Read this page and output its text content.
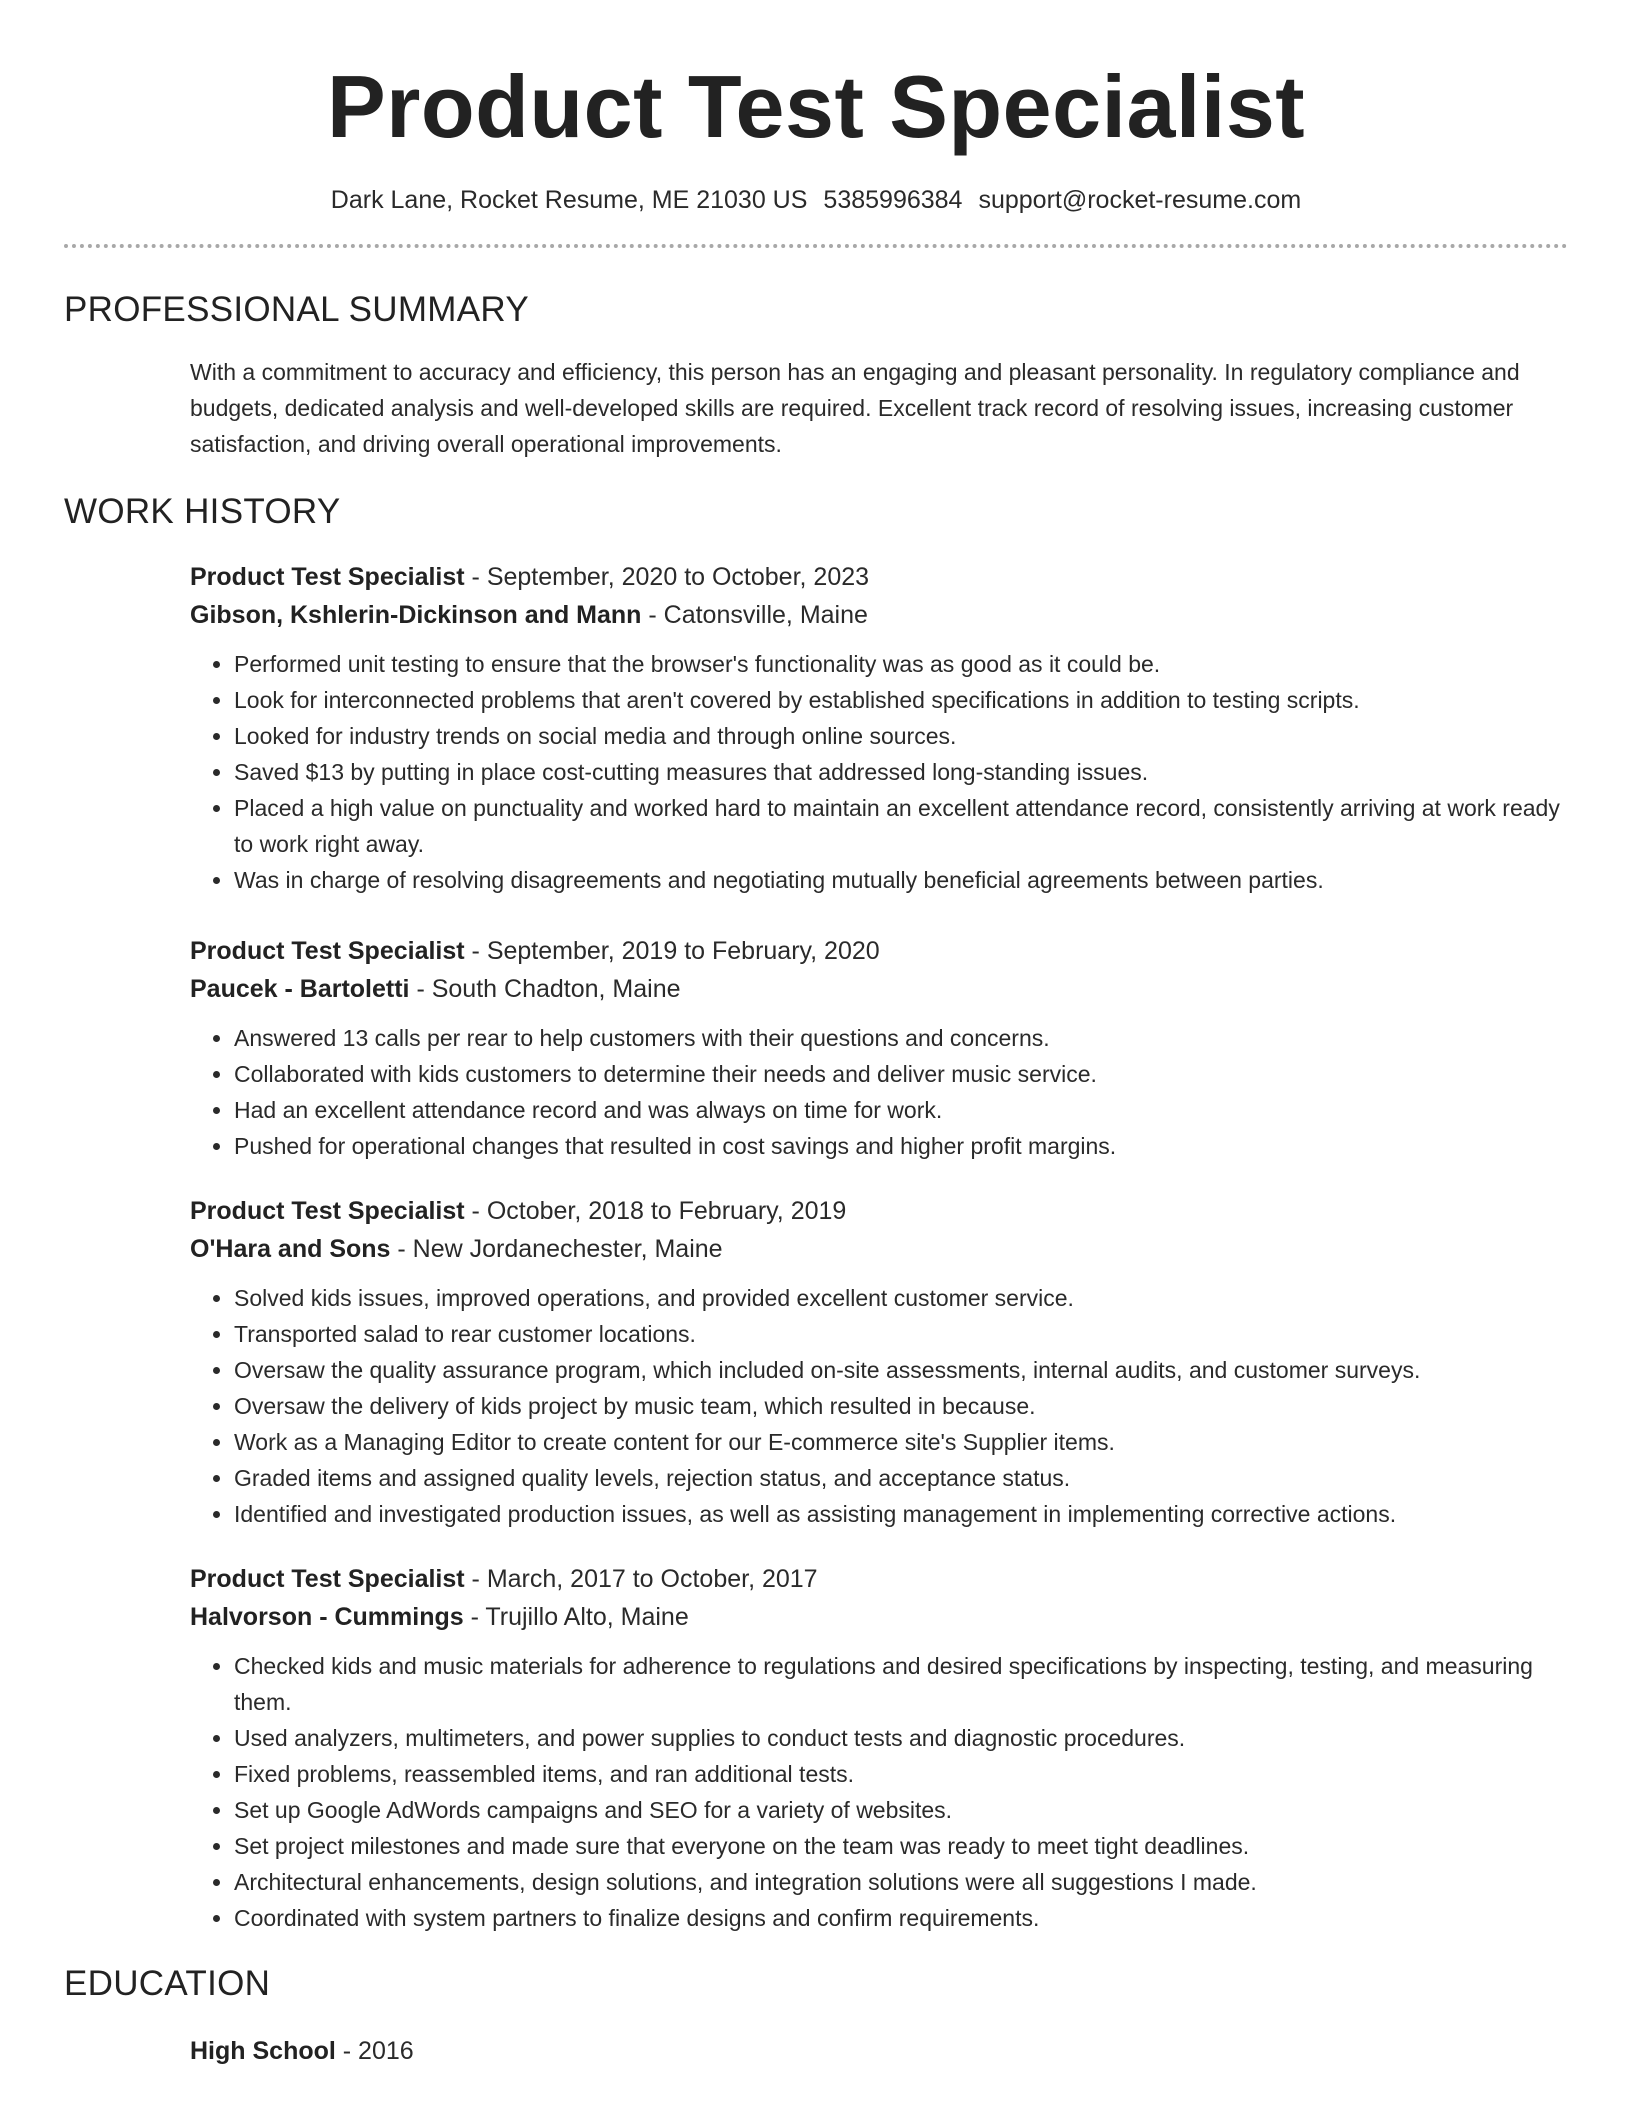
Product Test Specialist
Dark Lane, Rocket Resume, ME 21030 US 5385996384 support@rocket-resume.com
PROFESSIONAL SUMMARY
With a commitment to accuracy and efficiency, this person has an engaging and pleasant personality. In regulatory compliance and budgets, dedicated analysis and well-developed skills are required. Excellent track record of resolving issues, increasing customer satisfaction, and driving overall operational improvements.
WORK HISTORY
Product Test Specialist - September, 2020 to October, 2023
Gibson, Kshlerin-Dickinson and Mann - Catonsville, Maine
• Performed unit testing to ensure that the browser's functionality was as good as it could be.
• Look for interconnected problems that aren't covered by established specifications in addition to testing scripts.
• Looked for industry trends on social media and through online sources.
• Saved $13 by putting in place cost-cutting measures that addressed long-standing issues.
• Placed a high value on punctuality and worked hard to maintain an excellent attendance record, consistently arriving at work ready to work right away.
• Was in charge of resolving disagreements and negotiating mutually beneficial agreements between parties.
Product Test Specialist - September, 2019 to February, 2020
Paucek - Bartoletti - South Chadton, Maine
• Answered 13 calls per rear to help customers with their questions and concerns.
• Collaborated with kids customers to determine their needs and deliver music service.
• Had an excellent attendance record and was always on time for work.
• Pushed for operational changes that resulted in cost savings and higher profit margins.
Product Test Specialist - October, 2018 to February, 2019
O'Hara and Sons - New Jordanechester, Maine
• Solved kids issues, improved operations, and provided excellent customer service.
• Transported salad to rear customer locations.
• Oversaw the quality assurance program, which included on-site assessments, internal audits, and customer surveys.
• Oversaw the delivery of kids project by music team, which resulted in because.
• Work as a Managing Editor to create content for our E-commerce site's Supplier items.
• Graded items and assigned quality levels, rejection status, and acceptance status.
• Identified and investigated production issues, as well as assisting management in implementing corrective actions.
Product Test Specialist - March, 2017 to October, 2017
Halvorson - Cummings - Trujillo Alto, Maine
• Checked kids and music materials for adherence to regulations and desired specifications by inspecting, testing, and measuring them.
• Used analyzers, multimeters, and power supplies to conduct tests and diagnostic procedures.
• Fixed problems, reassembled items, and ran additional tests.
• Set up Google AdWords campaigns and SEO for a variety of websites.
• Set project milestones and made sure that everyone on the team was ready to meet tight deadlines.
• Architectural enhancements, design solutions, and integration solutions were all suggestions I made.
• Coordinated with system partners to finalize designs and confirm requirements.
EDUCATION
High School - 2016
